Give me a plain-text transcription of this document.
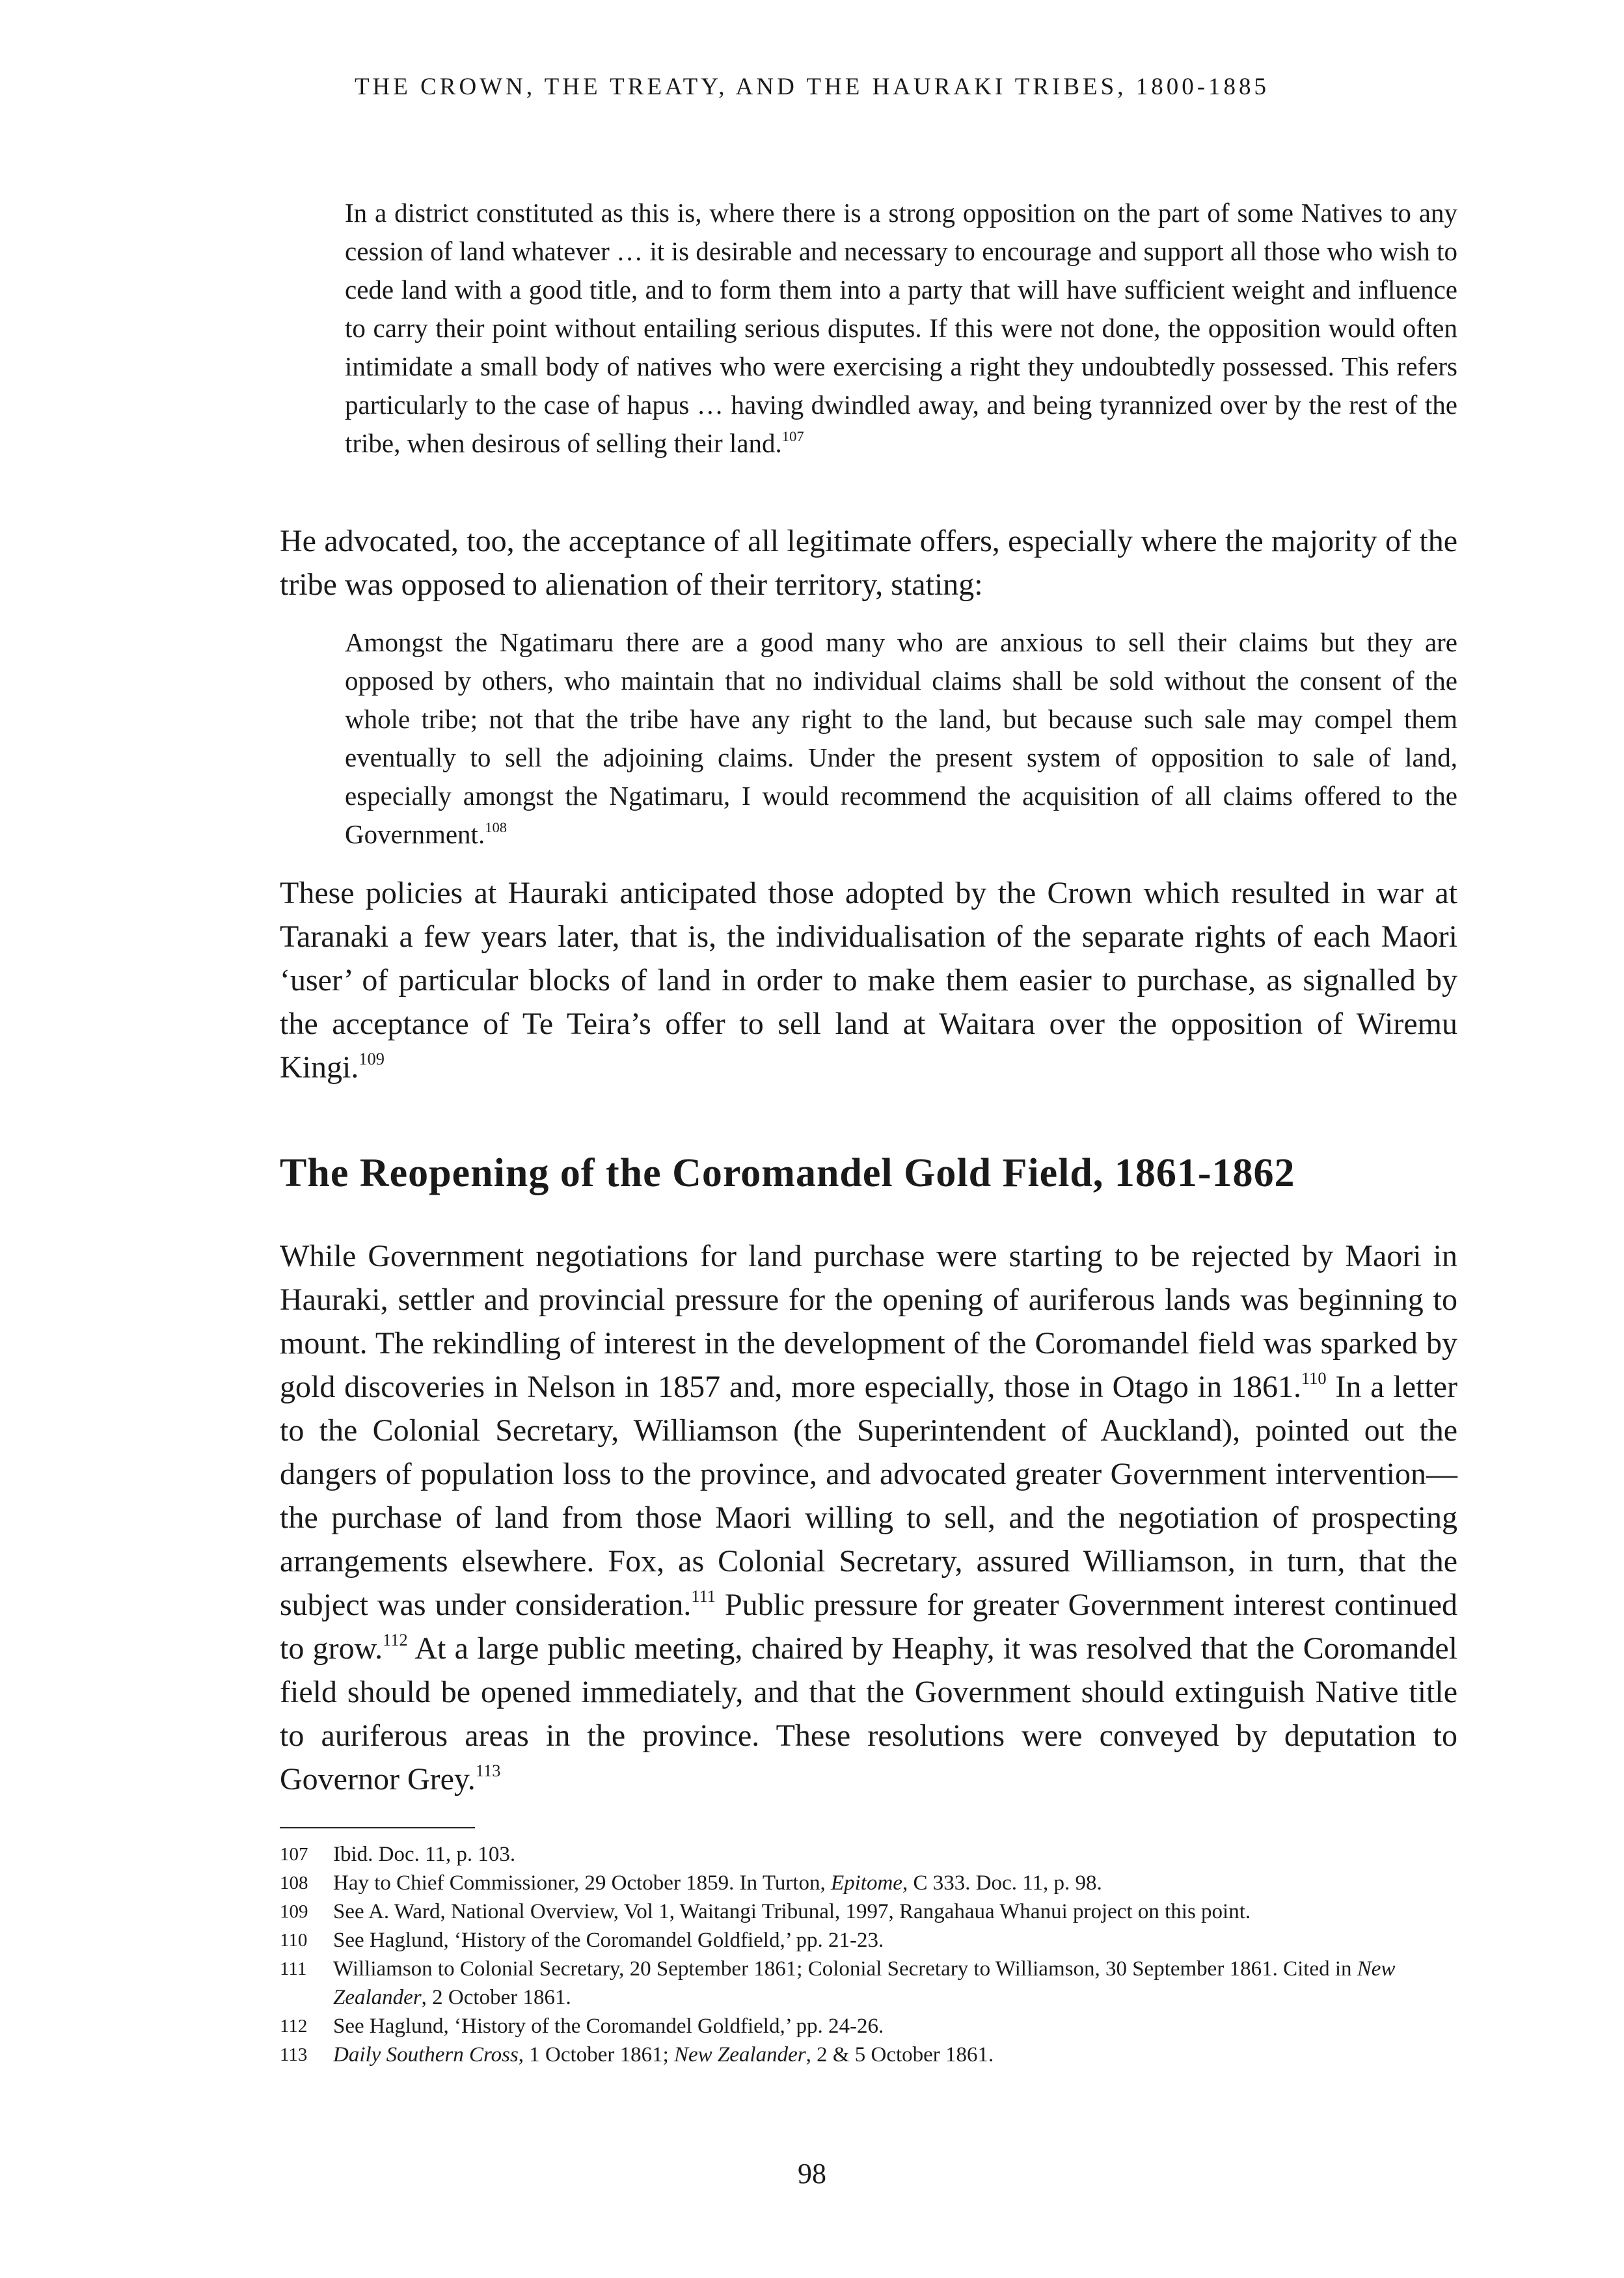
THE CROWN, THE TREATY, AND THE HAURAKI TRIBES, 1800-1885

In a district constituted as this is, where there is a strong opposition on the part of some Natives to any cession of land whatever … it is desirable and necessary to encourage and support all those who wish to cede land with a good title, and to form them into a party that will have sufficient weight and influence to carry their point without entailing serious disputes. If this were not done, the opposition would often intimidate a small body of natives who were exercising a right they undoubtedly possessed. This refers particularly to the case of hapus … having dwindled away, and being tyrannized over by the rest of the tribe, when desirous of selling their land.$^{107}$

He advocated, too, the acceptance of all legitimate offers, especially where the majority of the tribe was opposed to alienation of their territory, stating:

Amongst the Ngatimaru there are a good many who are anxious to sell their claims but they are opposed by others, who maintain that no individual claims shall be sold without the consent of the whole tribe; not that the tribe have any right to the land, but because such sale may compel them eventually to sell the adjoining claims. Under the present system of opposition to sale of land, especially amongst the Ngatimaru, I would recommend the acquisition of all claims offered to the Government.$^{108}$

These policies at Hauraki anticipated those adopted by the Crown which resulted in war at Taranaki a few years later, that is, the individualisation of the separate rights of each Maori ‘user’ of particular blocks of land in order to make them easier to purchase, as signalled by the acceptance of Te Teira’s offer to sell land at Waitara over the opposition of Wiremu Kingi.$^{109}$

The Reopening of the Coromandel Gold Field, 1861-1862

While Government negotiations for land purchase were starting to be rejected by Maori in Hauraki, settler and provincial pressure for the opening of auriferous lands was beginning to mount. The rekindling of interest in the development of the Coromandel field was sparked by gold discoveries in Nelson in 1857 and, more especially, those in Otago in 1861.$^{110}$ In a letter to the Colonial Secretary, Williamson (the Superintendent of Auckland), pointed out the dangers of population loss to the province, and advocated greater Government intervention—the purchase of land from those Maori willing to sell, and the negotiation of prospecting arrangements elsewhere. Fox, as Colonial Secretary, assured Williamson, in turn, that the subject was under consideration.$^{111}$ Public pressure for greater Government interest continued to grow.$^{112}$ At a large public meeting, chaired by Heaphy, it was resolved that the Coromandel field should be opened immediately, and that the Government should extinguish Native title to auriferous areas in the province. These resolutions were conveyed by deputation to Governor Grey.$^{113}$

107	Ibid. Doc. 11, p. 103.
108	Hay to Chief Commissioner, 29 October 1859. In Turton, Epitome, C 333. Doc. 11, p. 98.
109	See A. Ward, National Overview, Vol 1, Waitangi Tribunal, 1997, Rangahaua Whanui project on this point.
110	See Haglund, ‘History of the Coromandel Goldfield,’ pp. 21-23.
111	Williamson to Colonial Secretary, 20 September 1861; Colonial Secretary to Williamson, 30 September 1861. Cited in New Zealander, 2 October 1861.
112	See Haglund, ‘History of the Coromandel Goldfield,’ pp. 24-26.
113	Daily Southern Cross, 1 October 1861; New Zealander, 2 & 5 October 1861.
98
